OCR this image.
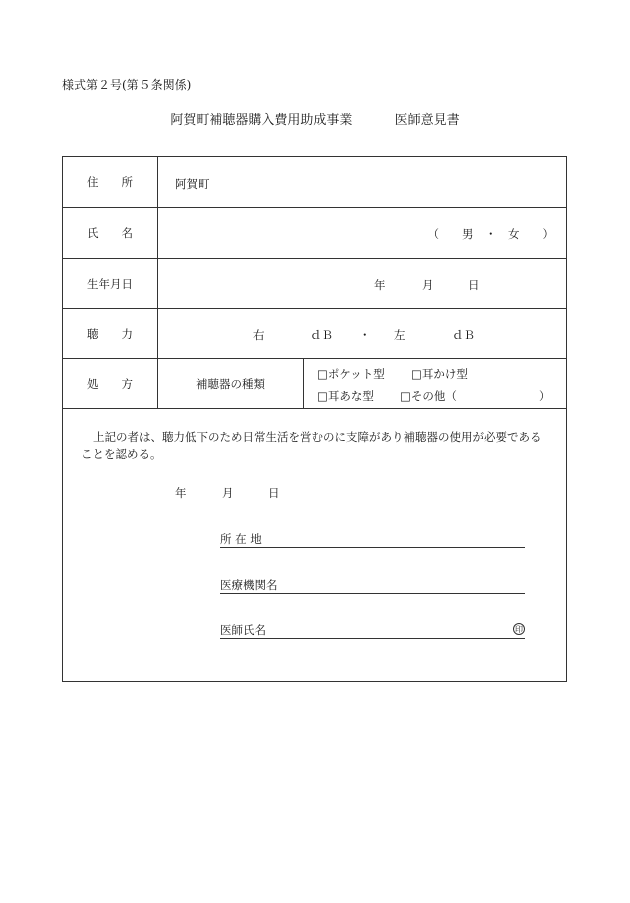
様式第２号(第５条関係)
阿賀町補聴器購入費用助成事業	医師意見書
住　　所	阿賀町
氏　　名	（　　男　・　女　　）
生年月日	年	月	日
聴　　力	右	ｄＢ ・ 左	ｄＢ
処　　方	補聴器の種類
□ポケット型 □耳かけ型
□耳あな型 □その他（	）
上記の者は、聴力低下のため日常生活を営むのに支障があり補聴器の使用が必要であることを認める。
年	月	日
所 在 地
医療機関名
医師氏名	印
